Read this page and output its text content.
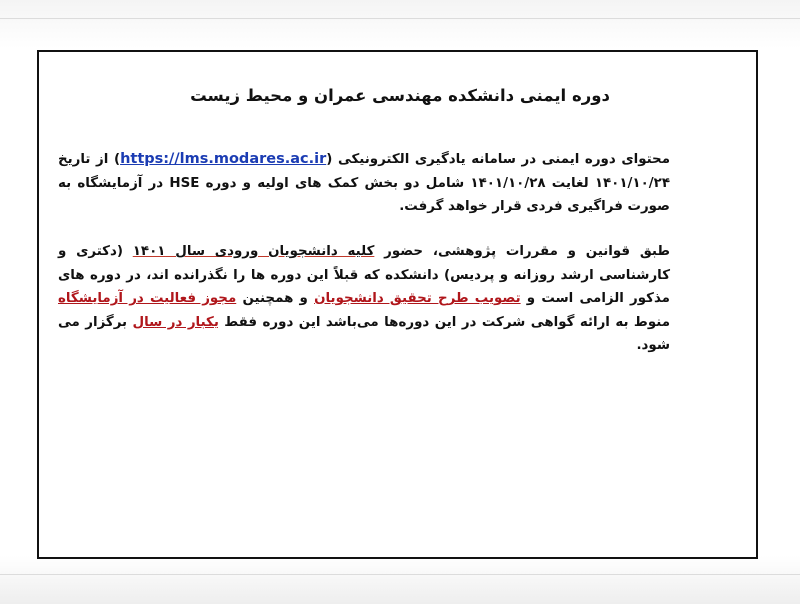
دوره ایمنی دانشکده مهندسی عمران و محیط زیست
محتوای دوره ایمنی در سامانه یادگیری الکترونیکی (https://lms.modares.ac.ir) از تاریخ ۱۴۰۱/۱۰/۲۴ لغایت ۱۴۰۱/۱۰/۲۸ شامل دو بخش کمک های اولیه و دوره HSE در آزمایشگاه به صورت فراگیری فردی قرار خواهد گرفت.
طبق قوانین و مقررات پژوهشی، حضور کلیه دانشجویان ورودی سال ۱۴۰۱ (دکتری و کارشناسی ارشد روزانه و پردیس) دانشکده که قبلاً این دوره ها را نگذرانده اند، در دوره های مذکور الزامی است و تصویب طرح تحقیق دانشجویان و همچنین مجوز فعالیت در آزمایشگاه منوط به ارائه گواهی شرکت در این دوره‌ها می‌باشد این دوره فقط یکبار در سال برگزار می شود.
